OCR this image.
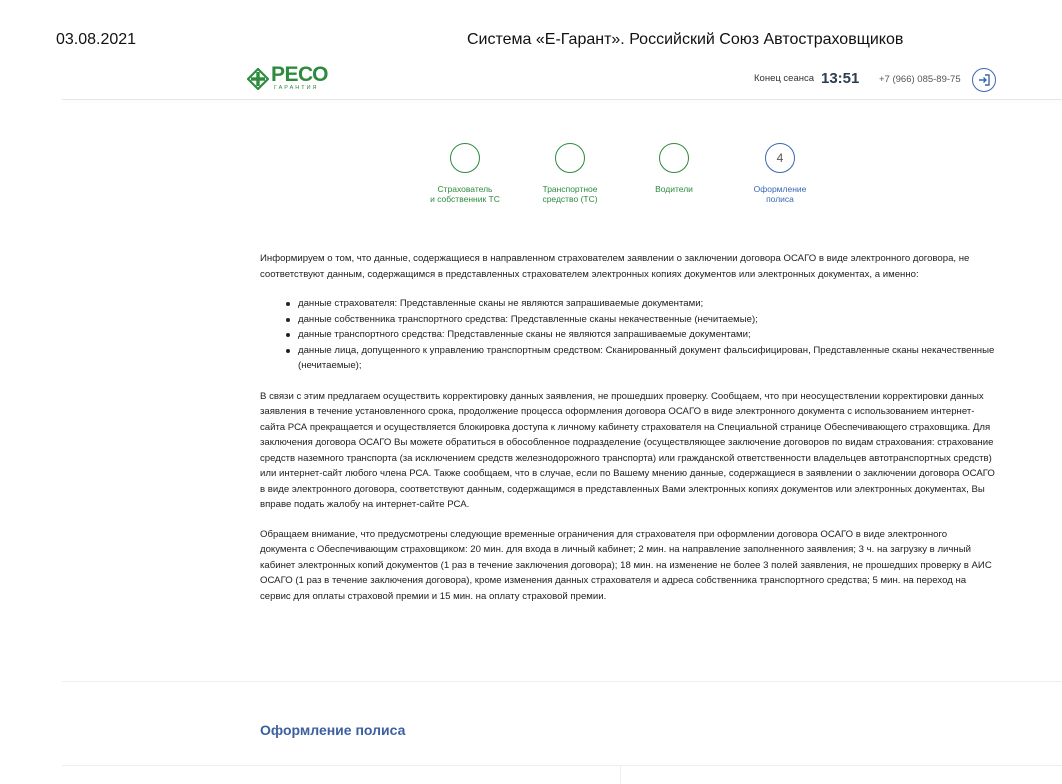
03.08.2021	Система «Е-Гарант». Российский Союз Автостраховщиков
РЕСО
ГАРАНТИЯ
Конец сеанса 13:51 +7 (966) 085-89-75
Страхователь
и собственник ТС
Транспортное
средство (ТС)
Водители
4
Оформление
полиса

Информируем о том, что данные, содержащиеся в направленном страхователем заявлении о заключении договора ОСАГО в виде электронного договора, не соответствуют данным, содержащимся в представленных страхователем электронных копиях документов или электронных документах, а именно:

данные страхователя: Представленные сканы не являются запрашиваемые документами;
данные собственника транспортного средства: Представленные сканы некачественные (нечитаемые);
данные транспортного средства: Представленные сканы не являются запрашиваемые документами;
данные лица, допущенного к управлению транспортным средством: Сканированный документ фальсифицирован, Представленные сканы некачественные (нечитаемые);

В связи с этим предлагаем осуществить корректировку данных заявления, не прошедших проверку. Сообщаем, что при неосуществлении корректировки данных заявления в течение установленного срока, продолжение процесса оформления договора ОСАГО в виде электронного документа с использованием интернет-сайта РСА прекращается и осуществляется блокировка доступа к личному кабинету страхователя на Специальной странице Обеспечивающего страховщика. Для заключения договора ОСАГО Вы можете обратиться в обособленное подразделение (осуществляющее заключение договоров по видам страхования: страхование средств наземного транспорта (за исключением средств железнодорожного транспорта) или гражданской ответственности владельцев автотранспортных средств) или интернет-сайт любого члена РСА. Также сообщаем, что в случае, если по Вашему мнению данные, содержащиеся в заявлении о заключении договора ОСАГО в виде электронного договора, соответствуют данным, содержащимся в представленных Вами электронных копиях документов или электронных документах, Вы вправе подать жалобу на интернет-сайте РСА.

Обращаем внимание, что предусмотрены следующие временные ограничения для страхователя при оформлении договора ОСАГО в виде электронного документа с Обеспечивающим страховщиком: 20 мин. для входа в личный кабинет; 2 мин. на направление заполненного заявления; 3 ч. на загрузку в личный кабинет электронных копий документов (1 раз в течение заключения договора); 18 мин. на изменение не более 3 полей заявления, не прошедших проверку в АИС ОСАГО (1 раз в течение заключения договора), кроме изменения данных страхователя и адреса собственника транспортного средства; 5 мин. на переход на сервис для оплаты страховой премии и 15 мин. на оплату страховой премии.

Оформление полиса
